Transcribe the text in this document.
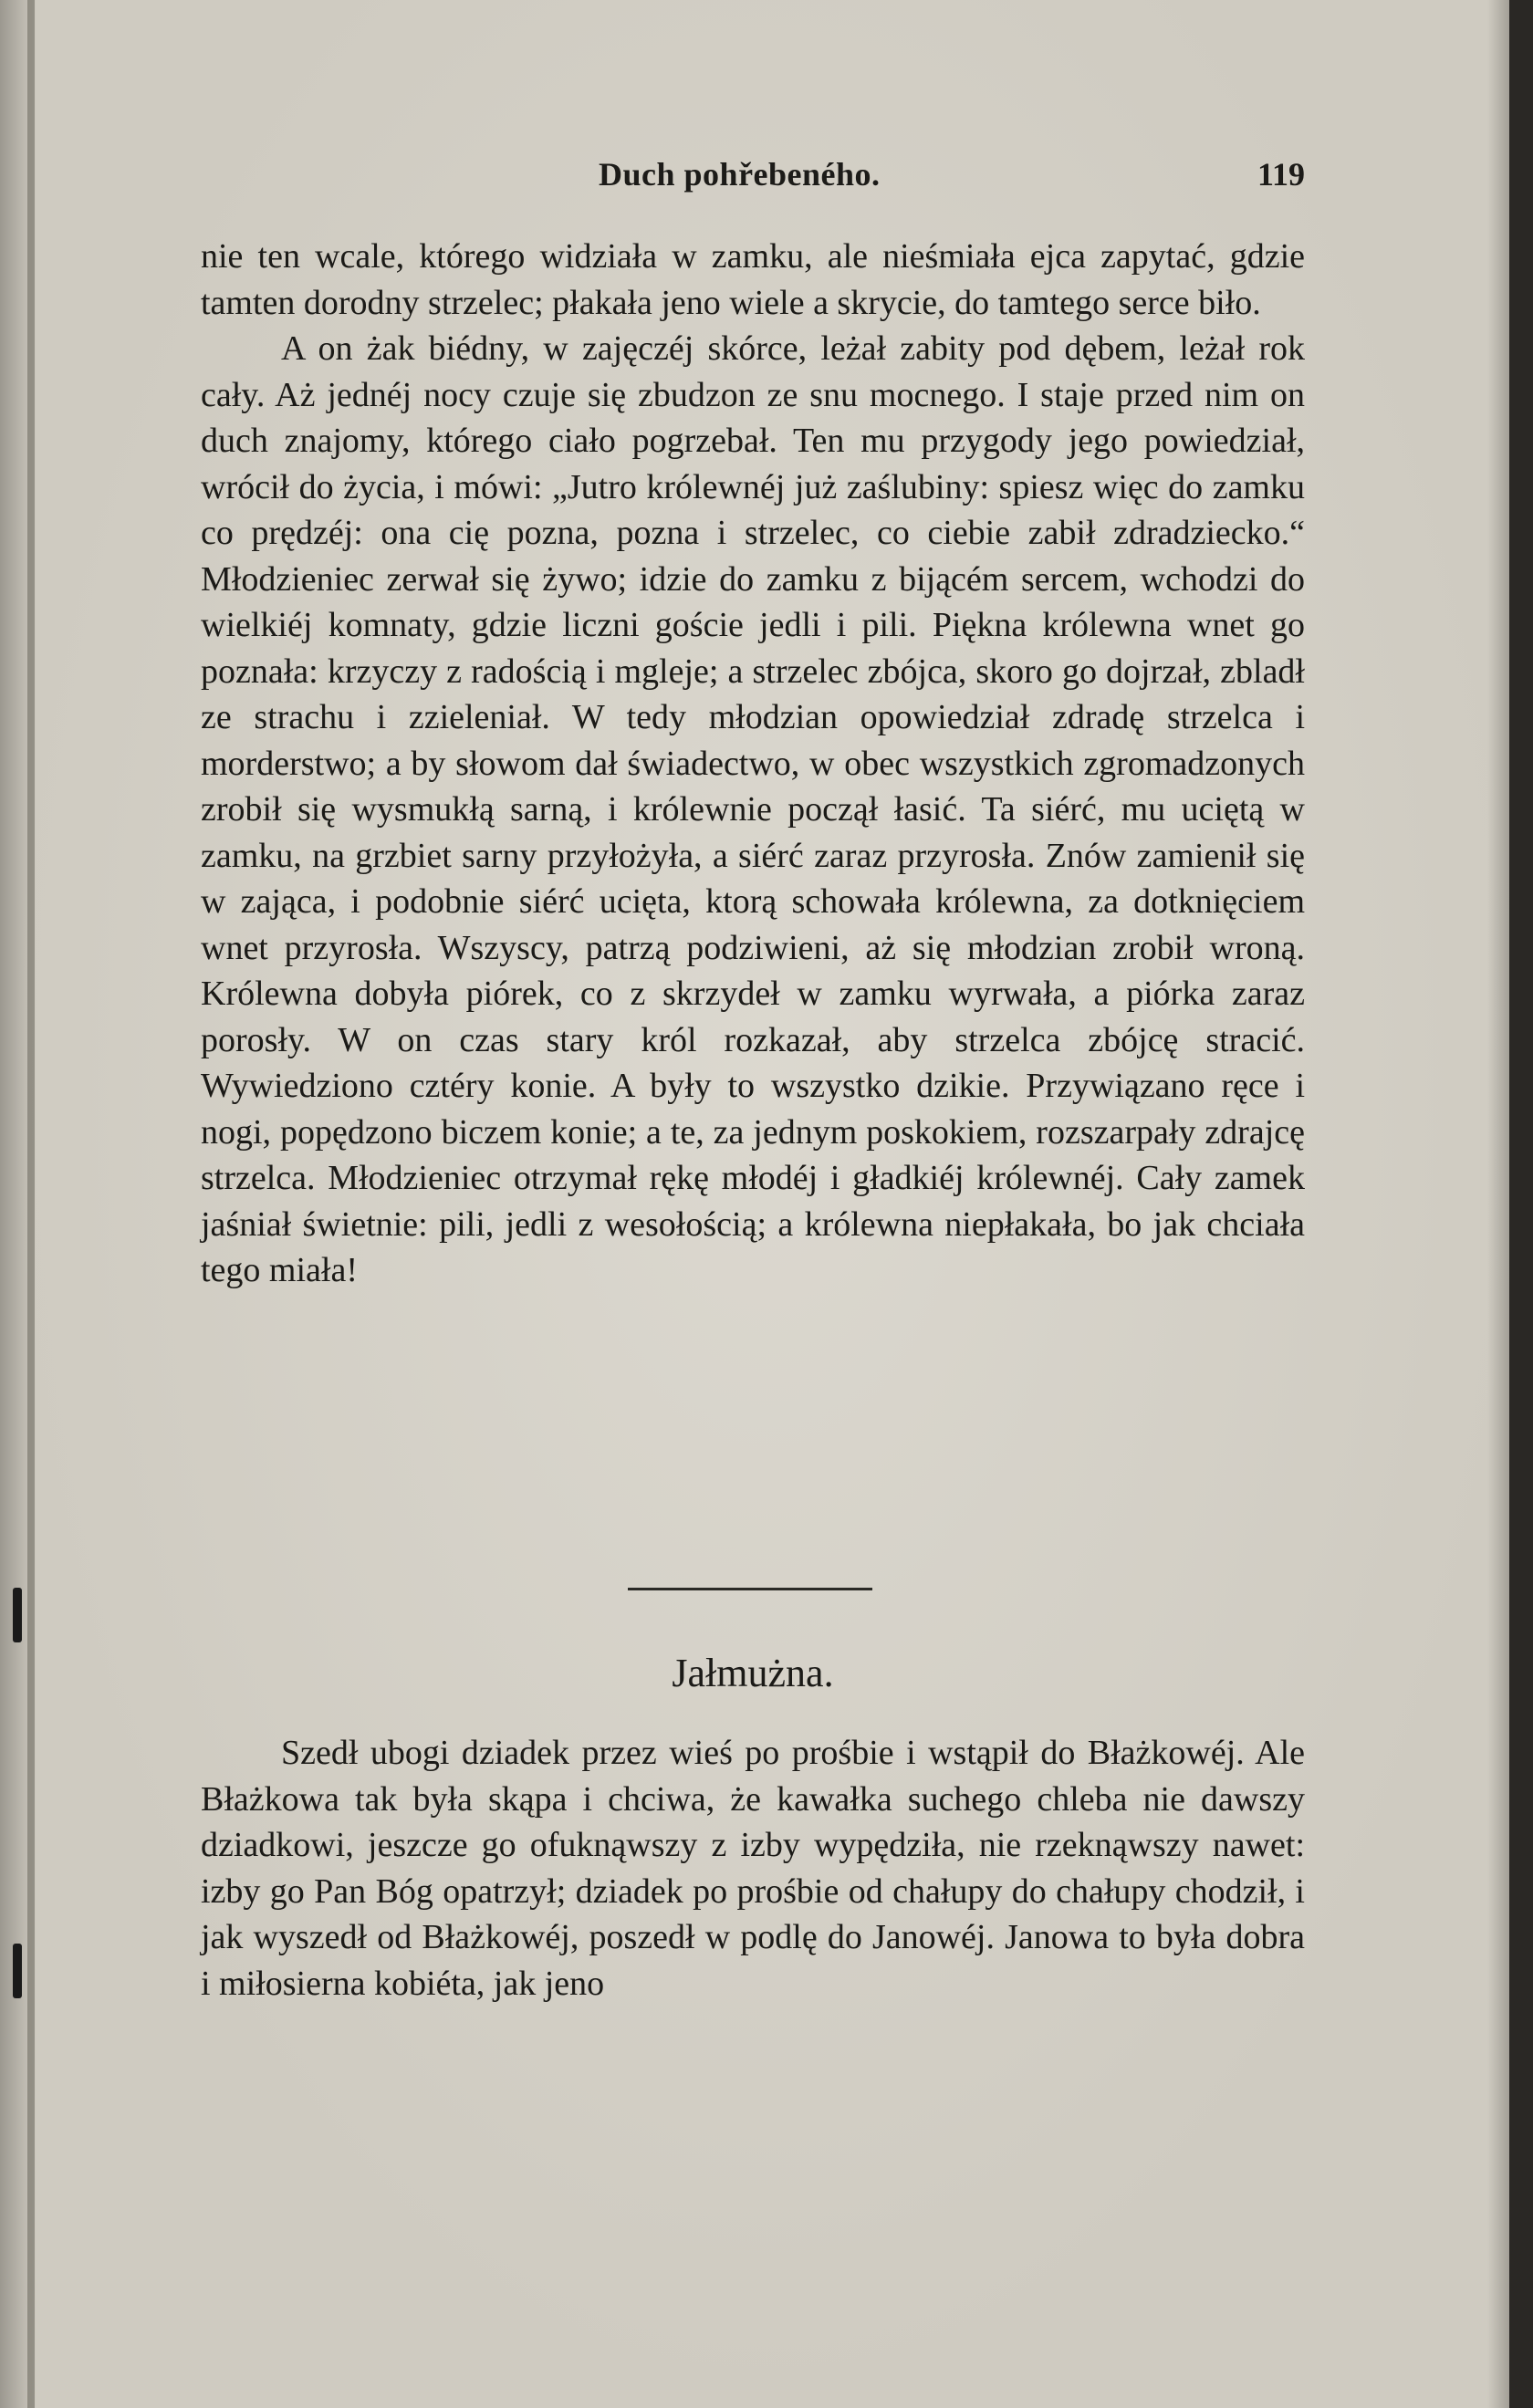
Duch pohřebeného.	119

nie ten wcale, którego widziała w zamku, ale nieśmiała ejca zapytać, gdzie tamten dorodny strzelec; płakała jeno wiele a skrycie, do tamtego serce biło.

A on żak biédny, w zajęczéj skórce, leżał zabity pod dębem, leżał rok cały. Aż jednéj nocy czuje się zbudzon ze snu mocnego. I staje przed nim on duch znajomy, którego ciało pogrzebał. Ten mu przygody jego powiedział, wrócił do życia, i mówi: „Jutro królewnéj już zaślubiny: spiesz więc do zamku co prędzéj: ona cię pozna, pozna i strzelec, co ciebie zabił zdradziecko.“ Młodzieniec zerwał się żywo; idzie do zamku z bijącém sercem, wchodzi do wielkiéj komnaty, gdzie liczni goście jedli i pili. Piękna królewna wnet go poznała: krzyczy z radością i mgleje; a strzelec zbójca, skoro go dojrzał, zbladł ze strachu i zzieleniał. W tedy młodzian opowiedział zdradę strzelca i morderstwo; a by słowom dał świadectwo, w obec wszystkich zgromadzonych zrobił się wysmukłą sarną, i królewnie począł łasić. Ta siérć, mu uciętą w zamku, na grzbiet sarny przyłożyła, a siérć zaraz przyrosła. Znów zamienił się w zająca, i podobnie siérć ucięta, ktorą schowała królewna, za dotknięciem wnet przyrosła. Wszyscy, patrzą podziwieni, aż się młodzian zrobił wroną. Królewna dobyła piórek, co z skrzydeł w zamku wyrwała, a piórka zaraz porosły. W on czas stary król rozkazał, aby strzelca zbójcę stracić. Wywiedziono cztéry konie. A były to wszystko dzikie. Przywiązano ręce i nogi, popędzono biczem konie; a te, za jednym poskokiem, rozszarpały zdrajcę strzelca. Młodzieniec otrzymał rękę młodéj i gładkiéj królewnéj. Cały zamek jaśniał świetnie: pili, jedli z wesołością; a królewna niepłakała, bo jak chciała tego miała!

Jałmużna.

Szedł ubogi dziadek przez wieś po prośbie i wstąpił do Błażkowéj. Ale Błażkowa tak była skąpa i chciwa, że kawałka suchego chleba nie dawszy dziadkowi, jeszcze go ofuknąwszy z izby wypędziła, nie rzeknąwszy nawet: izby go Pan Bóg opatrzył; dziadek po prośbie od chałupy do chałupy chodził, i jak wyszedł od Błażkowéj, poszedł w podlę do Janowéj. Janowa to była dobra i miłosierna kobiéta, jak jeno
